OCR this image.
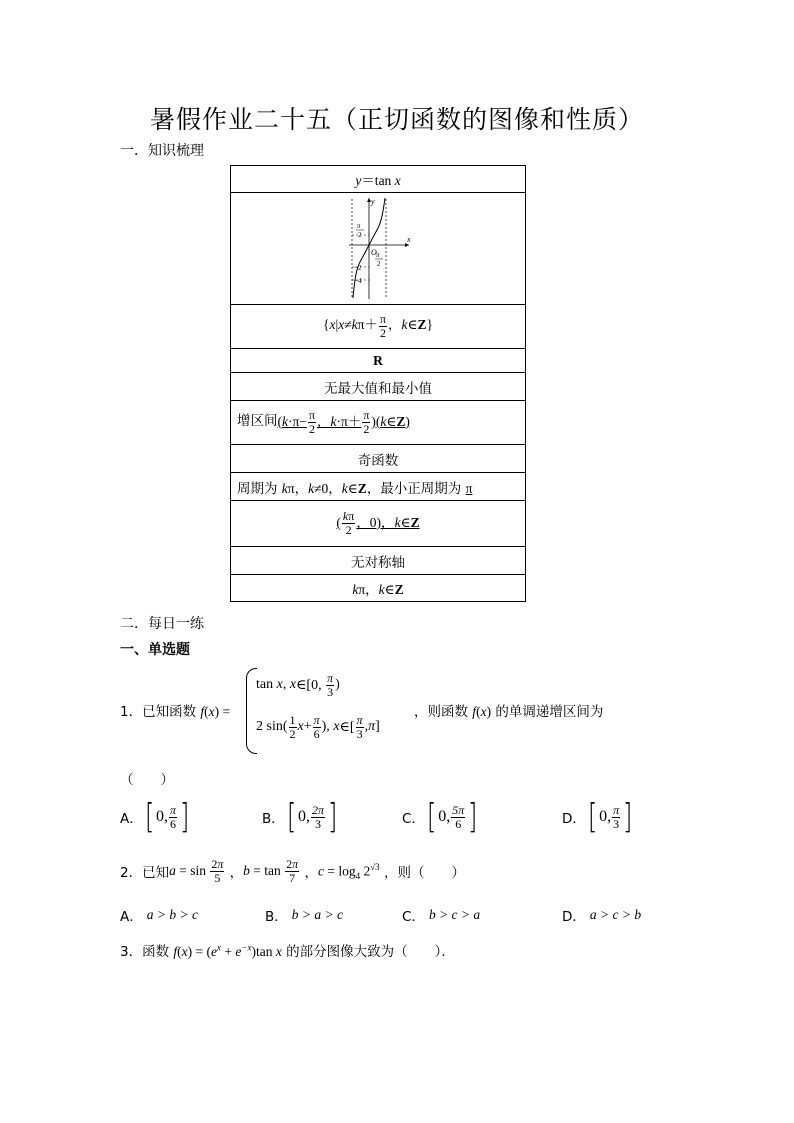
暑假作业二十五（正切函数的图像和性质）
一．知识梳理
y＝tan x

y
x
O
π
2
π
2
−2
−4

{$x|x\ne k\pi+ \frac{\pi}{2}$ ，k∈Z}
R
无最大值和最小值
增区间($k\cdot\pi- \frac{\pi}{2}$ ，$k\cdot\pi+ \frac{\pi}{2}$ )(k∈Z)
奇函数
周期为 kπ，k≠0，k∈Z，最小正周期为 π
( $\frac{k\pi}{2}$ ，0)，k∈Z
无对称轴
kπ，k∈Z
二．每日一练
一、单选题
1．已知函数 f(x) =
tan x , x ∈[0, $\frac{\pi}{3}$ )
2 $\sin( \frac{1}{2}$ $x + \frac{\pi}{6}$ ), x ∈[ $\frac{\pi}{3}$ , π ]
，则函数 f(x) 的单调递增区间为
（　　）
A． [ 0, $\frac{\pi}{6}$ ]	B． [ 0, $\frac{2\pi}{3}$ ]	C． [ 0, $\frac{5\pi}{6}$ ]	D． [ 0, $\frac{\pi}{3}$ ]
2．已知 $a = \sin \frac{2\pi}{5}$ ， $b = \tan \frac{2\pi}{7}$ ， $c = \log_4 2^{√3}$ ，则（　　）
A． a > b > c	B． b > a > c	C． b > c > a	D． a > c > b
3．函数 $f(x) = (e^x + e^{-x})\tan$ x 的部分图像大致为（　　）．
